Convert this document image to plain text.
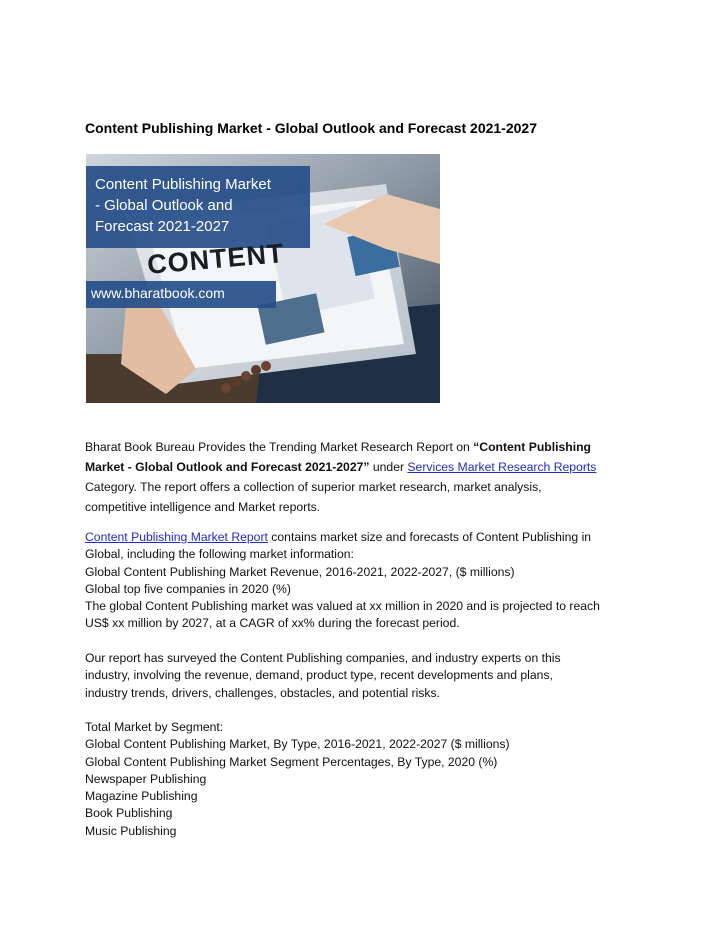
Content Publishing Market - Global Outlook and Forecast 2021-2027
Content Publishing Market
- Global Outlook and
Forecast 2021-2027
CONTENT
www.bharatbook.com
Bharat Book Bureau Provides the Trending Market Research Report on “Content Publishing
Market - Global Outlook and Forecast 2021-2027” under Services Market Research Reports
Category. The report offers a collection of superior market research, market analysis,
competitive intelligence and Market reports.
Content Publishing Market Report contains market size and forecasts of Content Publishing in
Global, including the following market information:
Global Content Publishing Market Revenue, 2016-2021, 2022-2027, ($ millions)
Global top five companies in 2020 (%)
The global Content Publishing market was valued at xx million in 2020 and is projected to reach
US$ xx million by 2027, at a CAGR of xx% during the forecast period.
Our report has surveyed the Content Publishing companies, and industry experts on this
industry, involving the revenue, demand, product type, recent developments and plans,
industry trends, drivers, challenges, obstacles, and potential risks.
Total Market by Segment:
Global Content Publishing Market, By Type, 2016-2021, 2022-2027 ($ millions)
Global Content Publishing Market Segment Percentages, By Type, 2020 (%)
Newspaper Publishing
Magazine Publishing
Book Publishing
Music Publishing
